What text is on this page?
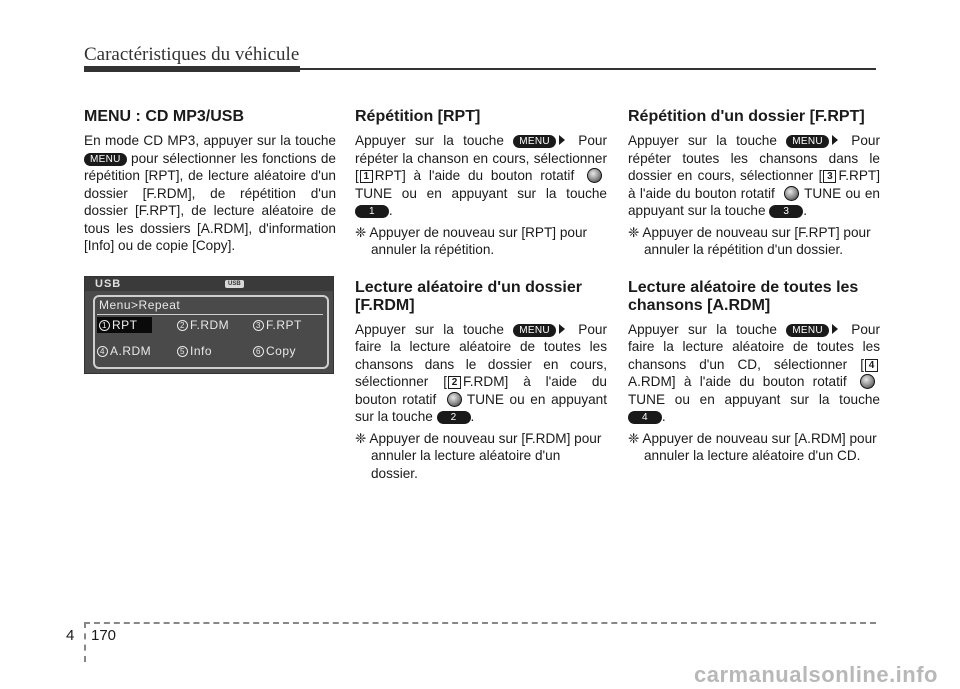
Caractéristiques du véhicule
MENU : CD MP3/USB

En mode CD MP3, appuyer sur la touche MENU pour sélectionner les fonctions de répétition [RPT], de lecture aléatoire d'un dossier [F.RDM], de répétition d'un dossier [F.RPT], de lecture aléatoire de tous les dossiers [A.RDM], d'information [Info] ou de copie [Copy].

USB	USB
Menu>Repeat
1 RPT	2 F.RDM	3 F.RPT
4 A.RDM	5 Info	6 Copy
Répétition [RPT]

Appuyer sur la touche MENU Pour répéter la chanson en cours, sélectionner [ 1 RPT] à l'aide du bouton rotatif TUNE ou en appuyant sur la touche 1 .

❈ Appuyer de nouveau sur [RPT] pour annuler la répétition.

Lecture aléatoire d'un dossier [F.RDM]

Appuyer sur la touche MENU Pour faire la lecture aléatoire de toutes les chansons dans le dossier en cours, sélectionner [ 2 F.RDM] à l'aide du bouton rotatif TUNE ou en appuyant sur la touche 2 .

❈ Appuyer de nouveau sur [F.RDM] pour annuler la lecture aléatoire d'un dossier.

Répétition d'un dossier [F.RPT]

Appuyer sur la touche MENU Pour répéter toutes les chansons dans le dossier en cours, sélectionner [ 3 F.RPT] à l'aide du bouton rotatif TUNE ou en appuyant sur la touche 3 .

❈ Appuyer de nouveau sur [F.RPT] pour annuler la répétition d'un dossier.

Lecture aléatoire de toutes les chansons [A.RDM]

Appuyer sur la touche MENU Pour faire la lecture aléatoire de toutes les chansons d'un CD, sélectionner [ 4A.RDM] à l'aide du bouton rotatif TUNE ou en appuyant sur la touche 4 .

❈ Appuyer de nouveau sur [A.RDM] pour annuler la lecture aléatoire d'un CD.

4 170
carmanualsonline.info
